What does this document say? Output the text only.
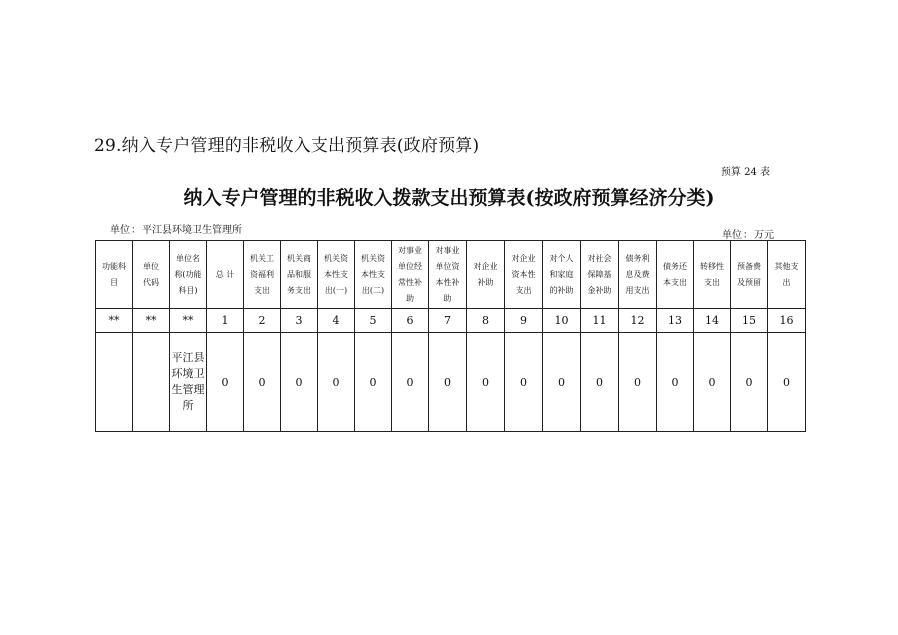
29.纳入专户管理的非税收入支出预算表(政府预算)
预算 24 表
纳入专户管理的非税收入拨款支出预算表(按政府预算经济分类)
单位：平江县环境卫生管理所	单位：万元
功能科目	单位代码	单位名称(功能科目)	总 计	机关工资福利支出	机关商品和服务支出	机关资本性支出(一)	机关资本性支出(二)	对事业单位经常性补助	对事业单位资本性补助	对企业补助	对企业资本性支出	对个人和家庭的补助	对社会保障基金补助	债务利息及费用支出	债务还本支出	转移性支出	预备费及预留	其他支出
**	**	**	1	2	3	4	5	6	7	8	9	10	11	12	13	14	15	16
		平江县环境卫生管理所	0	0	0	0	0	0	0	0	0	0	0	0	0	0	0	0
